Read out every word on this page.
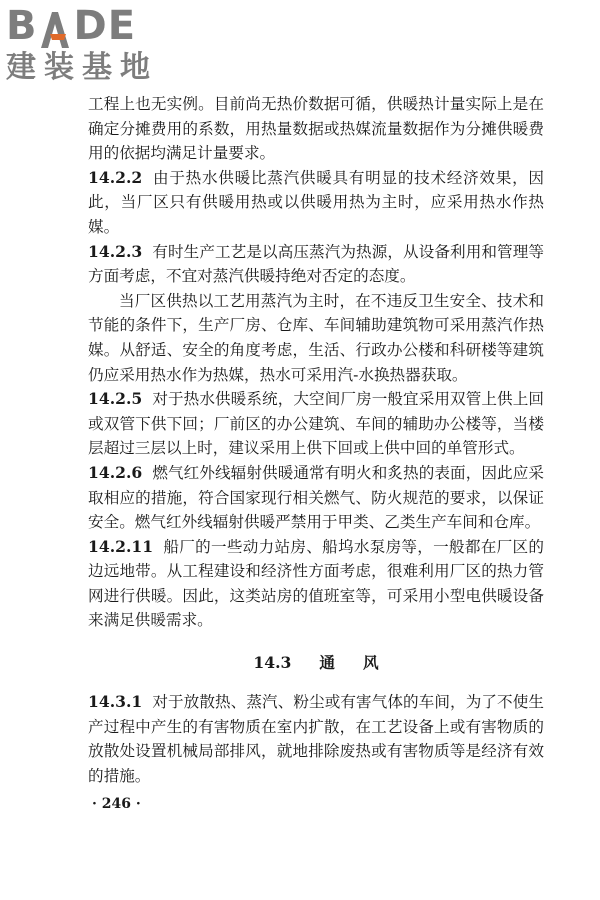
B DE
建装基地

工程上也无实例。目前尚无热价数据可循，供暖热计量实际上是在确定分摊费用的系数，用热量数据或热媒流量数据作为分摊供暖费用的依据均满足计量要求。

14.2.2 由于热水供暖比蒸汽供暖具有明显的技术经济效果，因此，当厂区只有供暖用热或以供暖用热为主时，应采用热水作热媒。

14.2.3 有时生产工艺是以高压蒸汽为热源，从设备利用和管理等方面考虑，不宜对蒸汽供暖持绝对否定的态度。

当厂区供热以工艺用蒸汽为主时，在不违反卫生安全、技术和节能的条件下，生产厂房、仓库、车间辅助建筑物可采用蒸汽作热媒。从舒适、安全的角度考虑，生活、行政办公楼和科研楼等建筑仍应采用热水作为热媒，热水可采用汽-水换热器获取。

14.2.5 对于热水供暖系统，大空间厂房一般宜采用双管上供上回或双管下供下回；厂前区的办公建筑、车间的辅助办公楼等，当楼层超过三层以上时，建议采用上供下回或上供中回的单管形式。

14.2.6 燃气红外线辐射供暖通常有明火和炙热的表面，因此应采取相应的措施，符合国家现行相关燃气、防火规范的要求，以保证安全。燃气红外线辐射供暖严禁用于甲类、乙类生产车间和仓库。

14.2.11 船厂的一些动力站房、船坞水泵房等，一般都在厂区的边远地带。从工程建设和经济性方面考虑，很难利用厂区的热力管网进行供暖。因此，这类站房的值班室等，可采用小型电供暖设备来满足供暖需求。

14.3 通 风

14.3.1 对于放散热、蒸汽、粉尘或有害气体的车间，为了不使生产过程中产生的有害物质在室内扩散，在工艺设备上或有害物质的放散处设置机械局部排风，就地排除废热或有害物质等是经济有效的措施。

· 246 ·
